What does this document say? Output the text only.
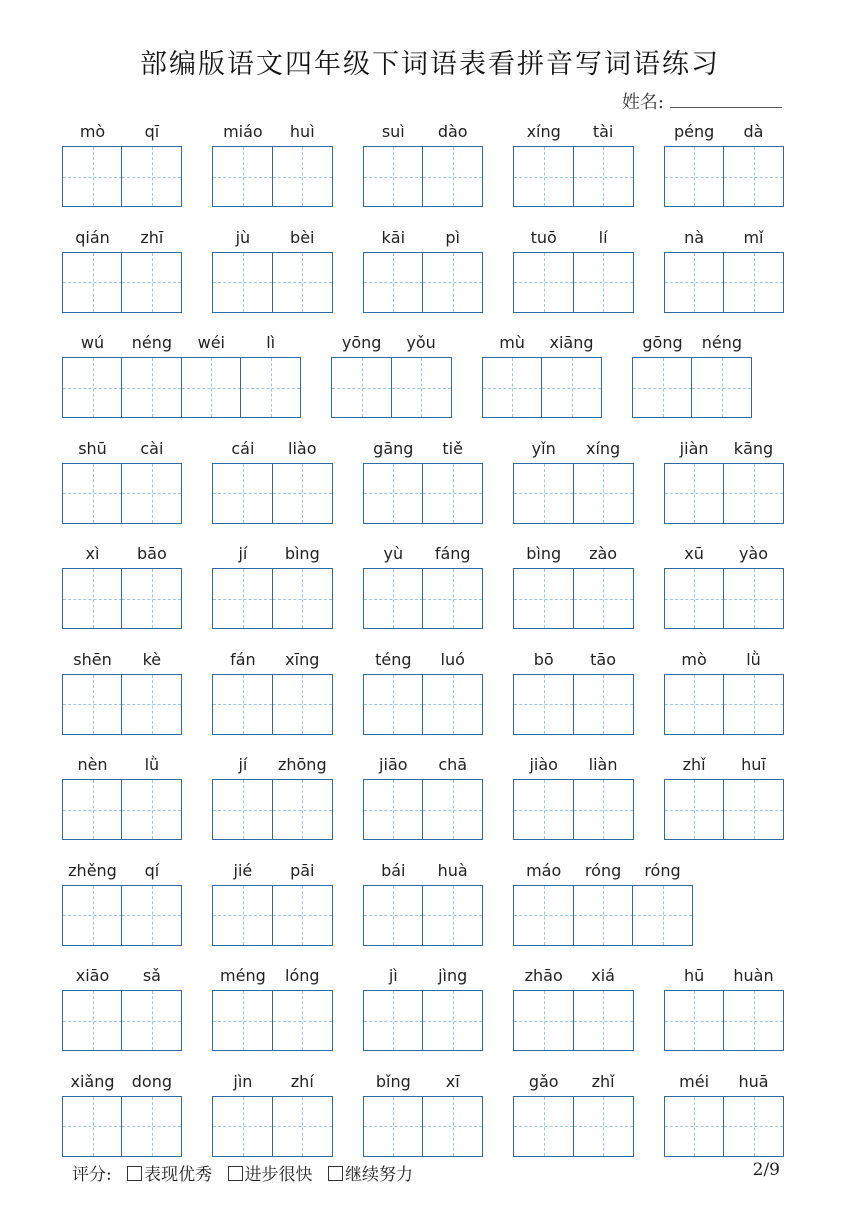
部编版语文四年级下词语表看拼音写词语练习
姓名:
mò	qī	miáo	huì	suì	dào	xíng	tài	péng	dà
qián	zhī	jù	bèi	kāi	pì	tuō	lí	nà	mǐ
wú	néng	wéi	lì	yōng	yǒu	mù	xiāng	gōng	néng
shū	cài	cái	liào	gāng	tiě	yǐn	xíng	jiàn	kāng
xì	bāo	jí	bìng	yù	fáng	bìng	zào	xū	yào
shēn	kè	fán	xīng	téng	luó	bō	tāo	mò	lǜ
nèn	lǜ	jí	zhōng	jiāo	chā	jiào	liàn	zhǐ	huī
zhěng	qí	jié	pāi	bái	huà	máo	róng	róng
xiāo	sǎ	méng	lóng	jì	jìng	zhāo	xiá	hū	huàn
xiǎng	dong	jìn	zhí	bǐng	xī	gǎo	zhǐ	méi	huā
评分: 表现优秀 进步很快 继续努力	2/9
